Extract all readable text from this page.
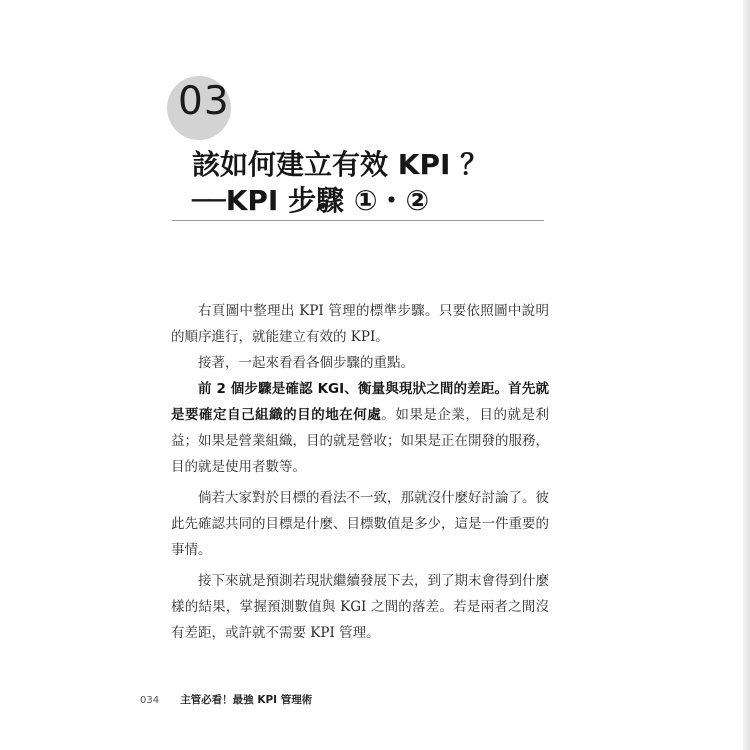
03
該如何建立有效 KPI ？
──KPI 步驟 ①・②

右頁圖中整理出 KPI 管理的標準步驟。只要依照圖中說明的順序進行，就能建立有效的 KPI。

接著，一起來看看各個步驟的重點。

前 2 個步驟是確認 KGI、衡量與現狀之間的差距。首先就是要確定自己組織的目的地在何處。如果是企業，目的就是利益；如果是營業組織，目的就是營收；如果是正在開發的服務，目的就是使用者數等。

倘若大家對於目標的看法不一致，那就沒什麼好討論了。彼此先確認共同的目標是什麼、目標數值是多少，這是一件重要的事情。

接下來就是預測若現狀繼續發展下去，到了期末會得到什麼樣的結果，掌握預測數值與 KGI 之間的落差。若是兩者之間沒有差距，或許就不需要 KPI 管理。

034 主管必看！最強 KPI 管理術
